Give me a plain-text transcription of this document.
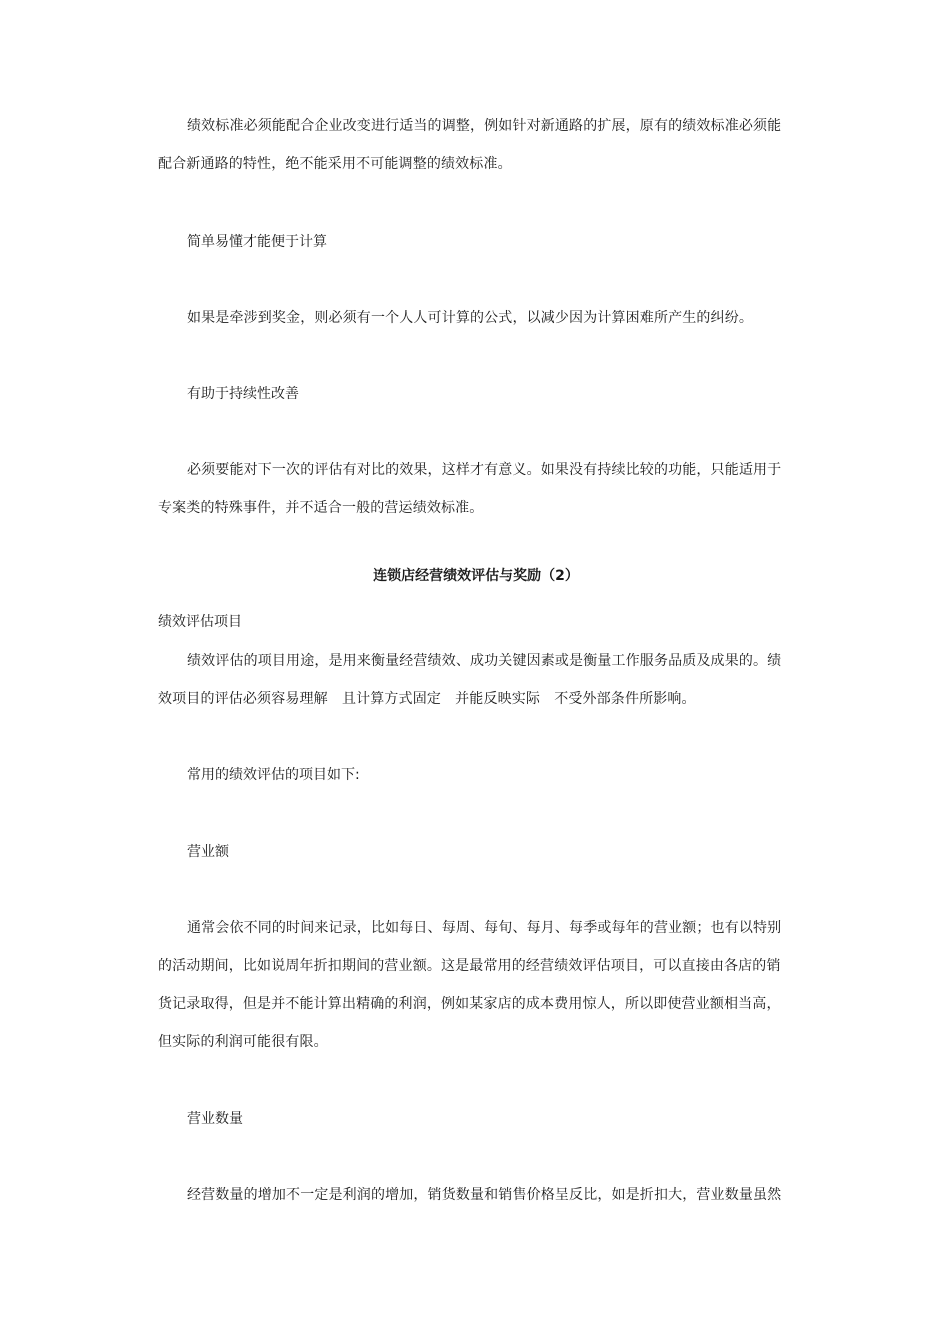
绩效标准必须能配合企业改变进行适当的调整，例如针对新通路的扩展，原有的绩效标准必须能配合新通路的特性，绝不能采用不可能调整的绩效标准。

简单易懂才能便于计算

如果是牵涉到奖金，则必须有一个人人可计算的公式，以减少因为计算困难所产生的纠纷。

有助于持续性改善

必须要能对下一次的评估有对比的效果，这样才有意义。如果没有持续比较的功能，只能适用于专案类的特殊事件，并不适合一般的营运绩效标准。

连锁店经营绩效评估与奖励（2）

绩效评估项目

绩效评估的项目用途，是用来衡量经营绩效、成功关键因素或是衡量工作服务品质及成果的。绩效项目的评估必须容易理解　且计算方式固定　并能反映实际　不受外部条件所影响。

常用的绩效评估的项目如下:

营业额

通常会依不同的时间来记录，比如每日、每周、每旬、每月、每季或每年的营业额；也有以特别的活动期间，比如说周年折扣期间的营业额。这是最常用的经营绩效评估项目，可以直接由各店的销货记录取得，但是并不能计算出精确的利润，例如某家店的成本费用惊人，所以即使营业额相当高，但实际的利润可能很有限。

营业数量

经营数量的增加不一定是利润的增加，销货数量和销售价格呈反比，如是折扣大，营业数量虽然
